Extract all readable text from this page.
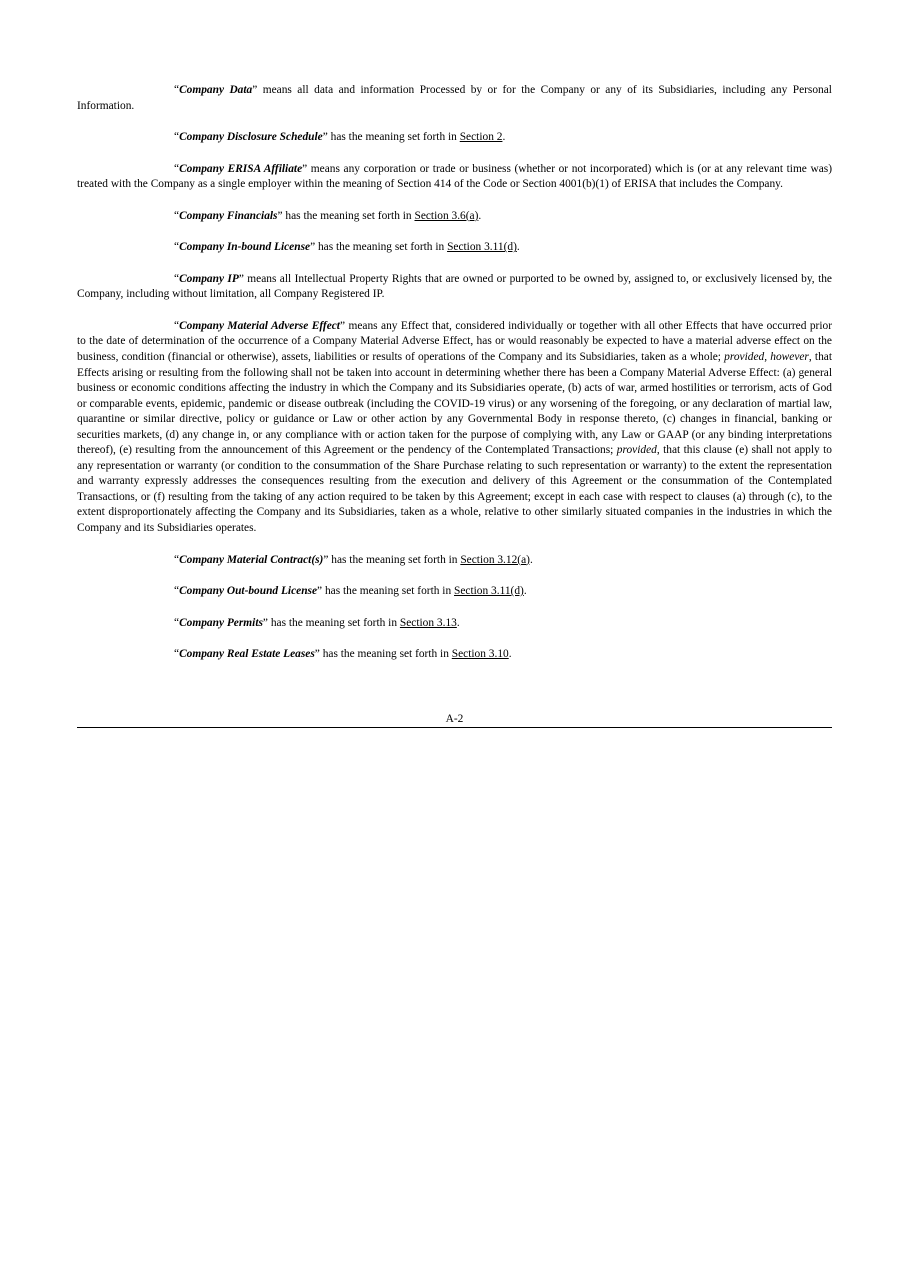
“Company Data” means all data and information Processed by or for the Company or any of its Subsidiaries, including any Personal Information.

“Company Disclosure Schedule” has the meaning set forth in Section 2.

“Company ERISA Affiliate” means any corporation or trade or business (whether or not incorporated) which is (or at any relevant time was) treated with the Company as a single employer within the meaning of Section 414 of the Code or Section 4001(b)(1) of ERISA that includes the Company.

“Company Financials” has the meaning set forth in Section 3.6(a).

“Company In-bound License” has the meaning set forth in Section 3.11(d).

“Company IP” means all Intellectual Property Rights that are owned or purported to be owned by, assigned to, or exclusively licensed by, the Company, including without limitation, all Company Registered IP.

“Company Material Adverse Effect” means any Effect that, considered individually or together with all other Effects that have occurred prior to the date of determination of the occurrence of a Company Material Adverse Effect, has or would reasonably be expected to have a material adverse effect on the business, condition (financial or otherwise), assets, liabilities or results of operations of the Company and its Subsidiaries, taken as a whole; provided, however, that Effects arising or resulting from the following shall not be taken into account in determining whether there has been a Company Material Adverse Effect: (a) general business or economic conditions affecting the industry in which the Company and its Subsidiaries operate, (b) acts of war, armed hostilities or terrorism, acts of God or comparable events, epidemic, pandemic or disease outbreak (including the COVID-19 virus) or any worsening of the foregoing, or any declaration of martial law, quarantine or similar directive, policy or guidance or Law or other action by any Governmental Body in response thereto, (c) changes in financial, banking or securities markets, (d) any change in, or any compliance with or action taken for the purpose of complying with, any Law or GAAP (or any binding interpretations thereof), (e) resulting from the announcement of this Agreement or the pendency of the Contemplated Transactions; provided, that this clause (e) shall not apply to any representation or warranty (or condition to the consummation of the Share Purchase relating to such representation or warranty) to the extent the representation and warranty expressly addresses the consequences resulting from the execution and delivery of this Agreement or the consummation of the Contemplated Transactions, or (f) resulting from the taking of any action required to be taken by this Agreement; except in each case with respect to clauses (a) through (c), to the extent disproportionately affecting the Company and its Subsidiaries, taken as a whole, relative to other similarly situated companies in the industries in which the Company and its Subsidiaries operates.

“Company Material Contract(s)” has the meaning set forth in Section 3.12(a).

“Company Out-bound License” has the meaning set forth in Section 3.11(d).

“Company Permits” has the meaning set forth in Section 3.13.

“Company Real Estate Leases” has the meaning set forth in Section 3.10.

A-2
